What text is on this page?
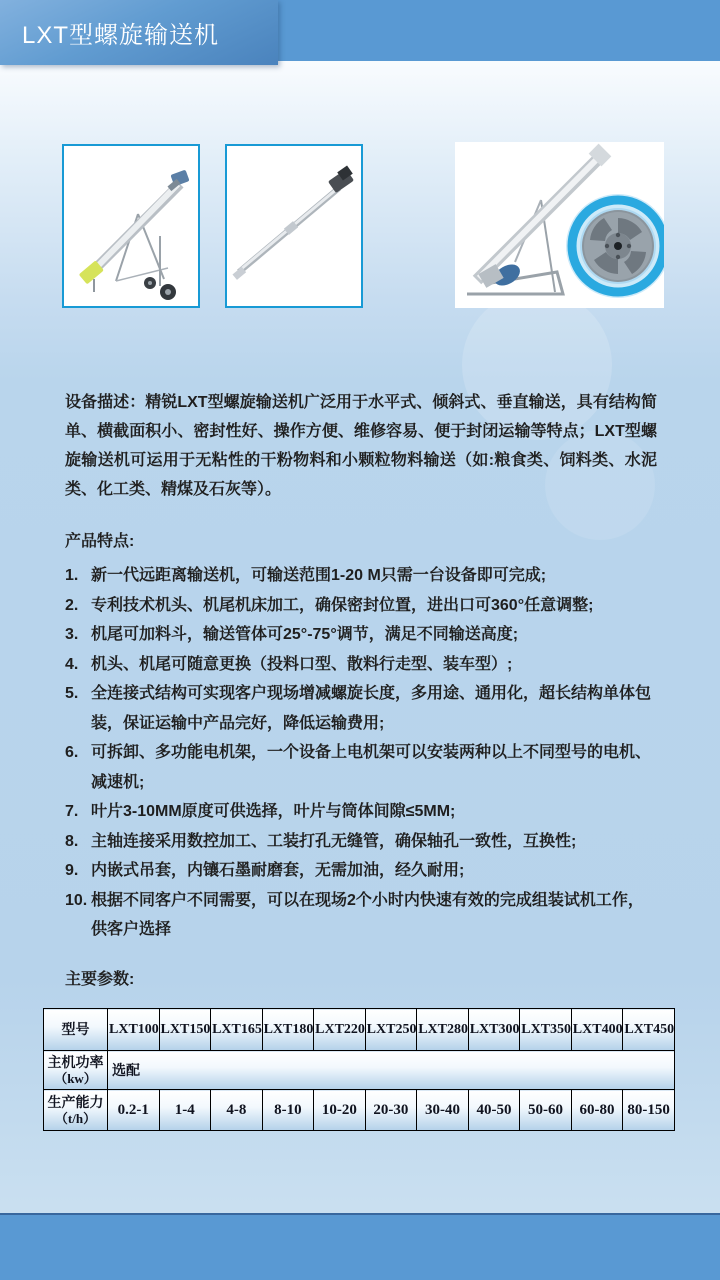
LXT型螺旋输送机

设备描述：精锐LXT型螺旋输送机广泛用于水平式、倾斜式、垂直输送，具有结构简单、横截面积小、密封性好、操作方便、维修容易、便于封闭运输等特点；LXT型螺旋输送机可运用于无粘性的干粉物料和小颗粒物料输送（如:粮食类、饲料类、水泥类、化工类、精煤及石灰等）。

产品特点:

1. 新一代远距离输送机，可输送范围1-20 M只需一台设备即可完成;
2. 专利技术机头、机尾机床加工，确保密封位置，进出口可360°任意调整;
3. 机尾可加料斗，输送管体可25°-75°调节，满足不同输送高度;
4. 机头、机尾可随意更换（投料口型、散料行走型、装车型）;
5. 全连接式结构可实现客户现场增减螺旋长度，多用途、通用化，超长结构单体包装，保证运输中产品完好，降低运输费用;
6. 可拆卸、多功能电机架，一个设备上电机架可以安装两种以上不同型号的电机、减速机;
7. 叶片3-10MM原度可供选择，叶片与筒体间隙≤5MM;
8. 主轴连接采用数控加工、工装打孔无缝管，确保轴孔一致性，互换性;
9. 内嵌式吊套，内镶石墨耐磨套，无需加油，经久耐用;
10. 根据不同客户不同需要，可以在现场2个小时内快速有效的完成组装试机工作，供客户选择

主要参数:

型号	LXT100	LXT150	LXT165	LXT180	LXT220	LXT250	LXT280	LXT300	LXT350	LXT400	LXT450

主机功率
（kw）	选配										

生产能力
（t/h）	0.2-1	1-4	4-8	8-10	10-20	20-30	30-40	40-50	50-60	60-80	80-150
